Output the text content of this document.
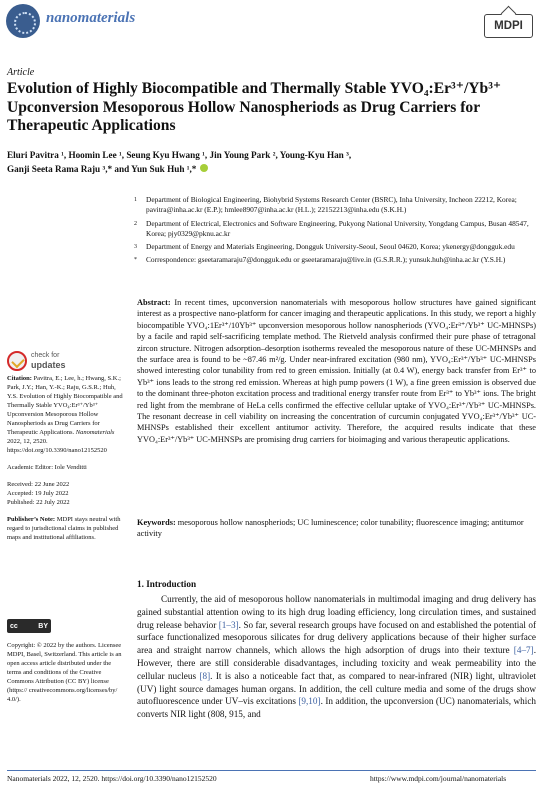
nanomaterials	MDPI
Article
Evolution of Highly Biocompatible and Thermally Stable YVO₄:Er³⁺/Yb³⁺ Upconversion Mesoporous Hollow Nanospheriods as Drug Carriers for Therapeutic Applications
Eluri Pavitra ¹, Hoomin Lee ¹, Seung Kyu Hwang ¹, Jin Young Park ², Young-Kyu Han ³,
Ganji Seeta Rama Raju ³,* and Yun Suk Huh ¹,*
1	Department of Biological Engineering, Biohybrid Systems Research Center (BSRC), Inha University, Incheon 22212, Korea; pavitra@inha.ac.kr (E.P.); hmlee8907@inha.ac.kr (H.L.); 22152213@inha.edu (S.K.H.)
2	Department of Electrical, Electronics and Software Engineering, Pukyong National University, Yongdang Campus, Busan 48547, Korea; pjy0329@pknu.ac.kr
3	Department of Energy and Materials Engineering, Dongguk University-Seoul, Seoul 04620, Korea; ykenergy@dongguk.edu
*	Correspondence: gseetaramaraju7@dongguk.edu or gseetaramaraju@live.in (G.S.R.R.); yunsuk.huh@inha.ac.kr (Y.S.H.)
Abstract: In recent times, upconversion nanomaterials with mesoporous hollow structures have gained significant interest as a prospective nano-platform for cancer imaging and therapeutic applications. In this study, we report a highly biocompatible YVO₄:1Er³⁺/10Yb³⁺ upconversion mesoporous hollow nanospheriods (YVO₄:Er³⁺/Yb³⁺ UC-MHNSPs) by a facile and rapid self-sacrificing template method. The Rietveld analysis confirmed their pure phase of tetragonal zircon structure. Nitrogen adsorption–desorption isotherms revealed the mesoporous nature of these UC-MHNSPs and the surface area is found to be ~87.46 m²/g. Under near-infrared excitation (980 nm), YVO₄:Er³⁺/Yb³⁺ UC-MHNSPs showed interesting color tunability from red to green emission. Initially (at 0.4 W), energy back transfer from Er³⁺ to Yb³⁺ ions leads to the strong red emission. Whereas at high pump powers (1 W), a fine green emission is observed due to the dominant three-photon excitation process and traditional energy transfer route from Er³⁺ to Yb³⁺ ions. The bright red light from the membrane of HeLa cells confirmed the effective cellular uptake of YVO₄:Er³⁺/Yb³⁺ UC-MHNSPs. The resonant decrease in cell viability on increasing the concentration of curcumin conjugated YVO₄:Er³⁺/Yb³⁺ UC-MHNSPs established their excellent antitumor activity. Therefore, the acquired results indicate that these YVO₄:Er³⁺/Yb³⁺ UC-MHNSPs are promising drug carriers for bioimaging and various therapeutic applications.
Keywords: mesoporous hollow nanospheriods; UC luminescence; color tunability; fluorescence imaging; antitumor activity
1. Introduction
Currently, the aid of mesoporous hollow nanomaterials in multimodal imaging and drug delivery has gained substantial attention owing to its high drug loading efficiency, long circulation times, and sustained drug release behavior [1–3]. So far, several research groups have focused on and established the potential of surface functionalized mesoporous silicates for drug delivery applications because of their higher surface area and straight narrow channels, which allows the high adsorption of drugs into their texture [4–7]. However, there are still considerable disadvantages, including toxicity and weak permeability into the cellular nucleus [8]. It is also a noticeable fact that, as compared to near-infrared (NIR) light, ultraviolet (UV) light source damages human organs. In addition, the cell culture media and some of the drugs show autofluorescence under UV–vis excitations [9,10]. In addition, the upconversion (UC) nanomaterials, which converts NIR light (808, 915, and
check for
updates
Citation: Pavitra, E.; Lee, h.; Hwang, S.K.; Park, J.Y.; Han, Y.-K.; Raju, G.S.R.; Huh, Y.S. Evolution of Highly Biocompatible and Thermally Stable YVO₄:Er³⁺/Yb³⁺ Upconversion Mesoporous Hollow Nanospheriods as Drug Carriers for Therapeutic Applications. Nanomaterials 2022, 12, 2520. https://doi.org/10.3390/nano12152520
Academic Editor: Iole Venditti
Received: 22 June 2022
Accepted: 19 July 2022
Published: 22 July 2022
Publisher’s Note: MDPI stays neutral with regard to jurisdictional claims in published maps and institutional affiliations.
cc	BY
Copyright: © 2022 by the authors. Licensee MDPI, Basel, Switzerland. This article is an open access article distributed under the terms and conditions of the Creative Commons Attribution (CC BY) license (https:// creativecommons.org/licenses/by/ 4.0/).
Nanomaterials 2022, 12, 2520. https://doi.org/10.3390/nano12152520	https://www.mdpi.com/journal/nanomaterials
